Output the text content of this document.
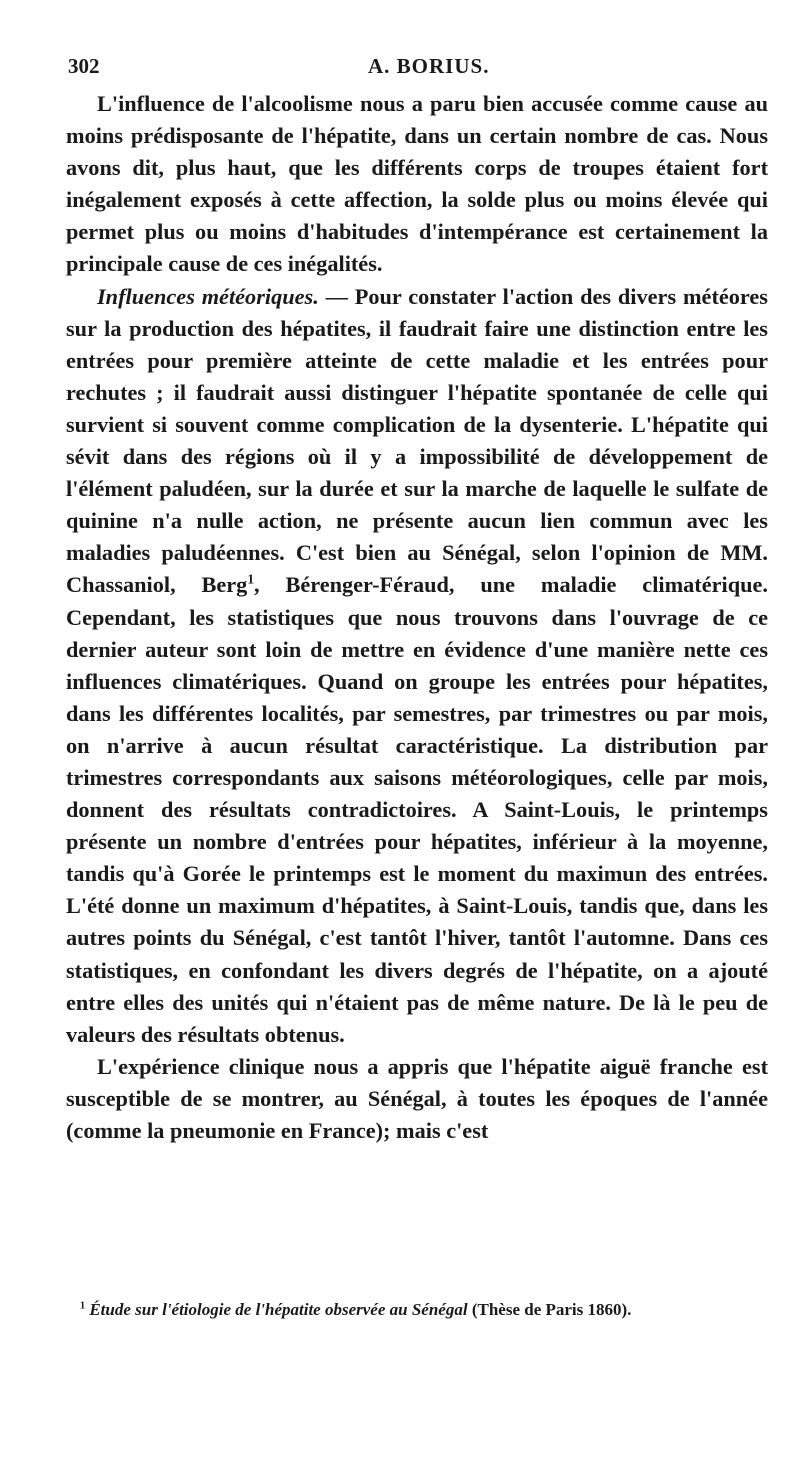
302	A. BORIUS.

L'influence de l'alcoolisme nous a paru bien accusée comme cause au moins prédisposante de l'hépatite, dans un certain nombre de cas. Nous avons dit, plus haut, que les différents corps de troupes étaient fort inégalement exposés à cette affection, la solde plus ou moins élevée qui permet plus ou moins d'habitudes d'intempérance est certainement la principale cause de ces inégalités.

Influences météoriques. — Pour constater l'action des divers météores sur la production des hépatites, il faudrait faire une distinction entre les entrées pour première atteinte de cette maladie et les entrées pour rechutes ; il faudrait aussi distinguer l'hépatite spontanée de celle qui survient si souvent comme complication de la dysenterie. L'hépatite qui sévit dans des régions où il y a impossibilité de développement de l'élément paludéen, sur la durée et sur la marche de laquelle le sulfate de quinine n'a nulle action, ne présente aucun lien commun avec les maladies paludéennes. C'est bien au Sénégal, selon l'opinion de MM. Chassaniol, Berg$^1$, Bérenger-Féraud, une maladie climatérique. Cependant, les statistiques que nous trouvons dans l'ouvrage de ce dernier auteur sont loin de mettre en évidence d'une manière nette ces influences climatériques. Quand on groupe les entrées pour hépatites, dans les différentes localités, par semestres, par trimestres ou par mois, on n'arrive à aucun résultat caractéristique. La distribution par trimestres correspondants aux saisons météorologiques, celle par mois, donnent des résultats contradictoires. A Saint-Louis, le printemps présente un nombre d'entrées pour hépatites, inférieur à la moyenne, tandis qu'à Gorée le printemps est le moment du maximun des entrées. L'été donne un maximum d'hépatites, à Saint-Louis, tandis que, dans les autres points du Sénégal, c'est tantôt l'hiver, tantôt l'automne. Dans ces statistiques, en confondant les divers degrés de l'hépatite, on a ajouté entre elles des unités qui n'étaient pas de même nature. De là le peu de valeurs des résultats obtenus.

L'expérience clinique nous a appris que l'hépatite aiguë franche est susceptible de se montrer, au Sénégal, à toutes les époques de l'année (comme la pneumonie en France); mais c'est

$^1$ Étude sur l'étiologie de l'hépatite observée au Sénégal (Thèse de Paris 1860).
